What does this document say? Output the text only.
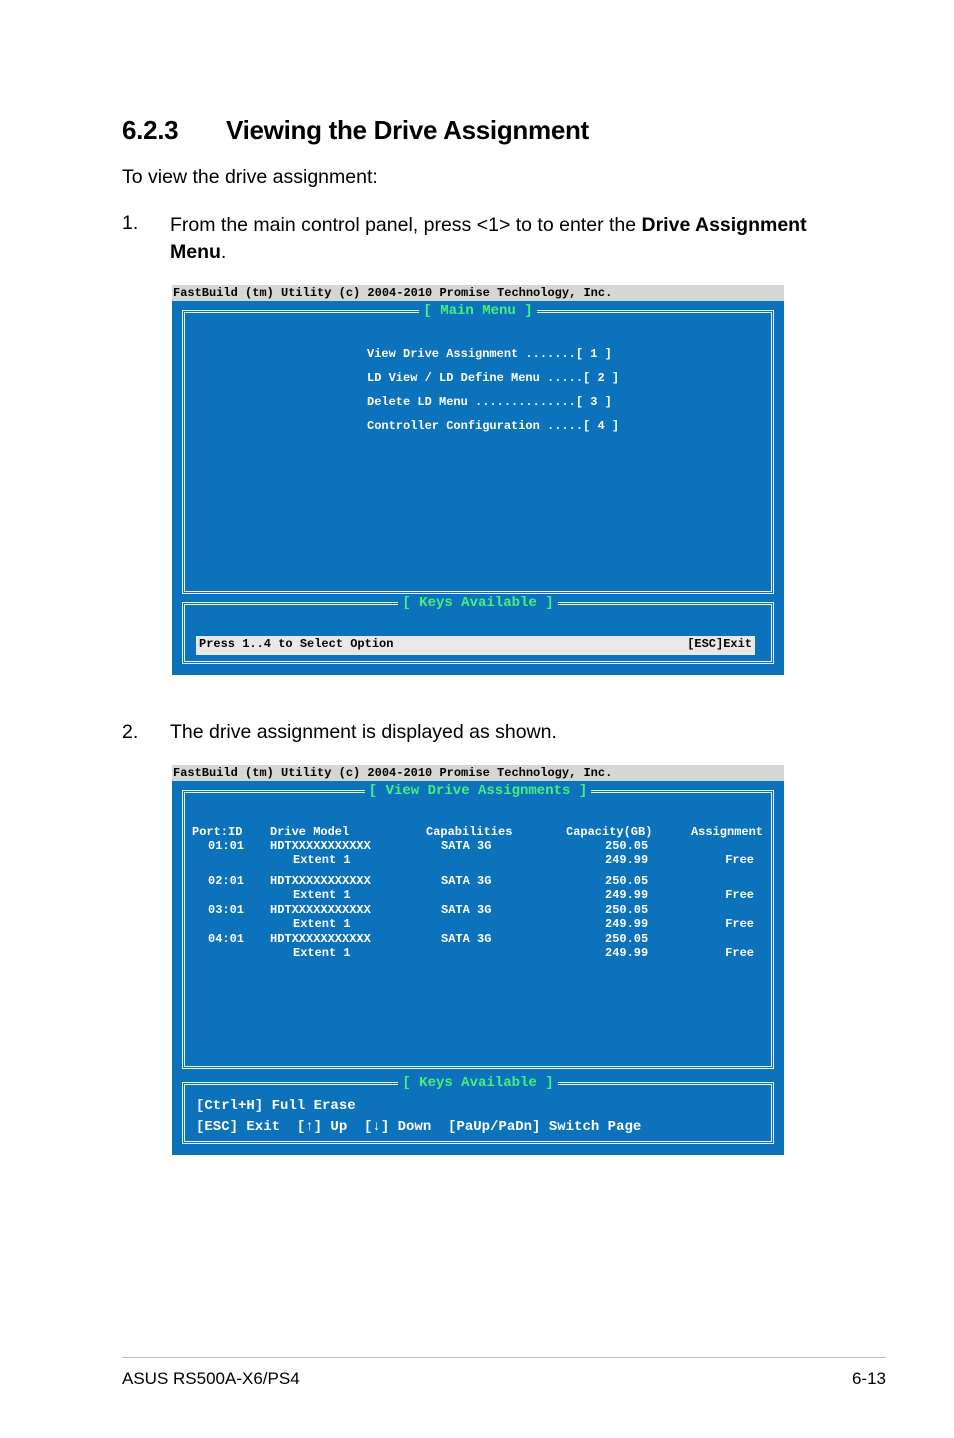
6.2.3 Viewing the Drive Assignment
To view the drive assignment:
1. From the main control panel, press <1> to to enter the Drive Assignment
Menu.
FastBuild (tm) Utility (c) 2004-2010 Promise Technology, Inc.
[ Main Menu ]
View Drive Assignment .......[ 1 ]
LD View / LD Define Menu .....[ 2 ]
Delete LD Menu ..............[ 3 ]
Controller Configuration .....[ 4 ]
[ Keys Available ]
Press 1..4 to Select Option	[ESC]Exit
2. The drive assignment is displayed as shown.
FastBuild (tm) Utility (c) 2004-2010 Promise Technology, Inc.
[ View Drive Assignments ]
Port:ID Drive Model	Capabilities	Capacity(GB)	Assignment
01:01 HDTXXXXXXXXXXX	SATA 3G	250.05
Extent 1	249.99	Free
02:01 HDTXXXXXXXXXXX	SATA 3G	250.05
Extent 1	249.99	Free
03:01 HDTXXXXXXXXXXX	SATA 3G	250.05
Extent 1	249.99	Free
04:01 HDTXXXXXXXXXXX	SATA 3G	250.05
Extent 1	249.99	Free
[ Keys Available ]
[Ctrl+H] Full Erase
[ESC] Exit  [↑] Up  [↓] Down  [PaUp/PaDn] Switch Page
ASUS RS500A-X6/PS4	6-13
